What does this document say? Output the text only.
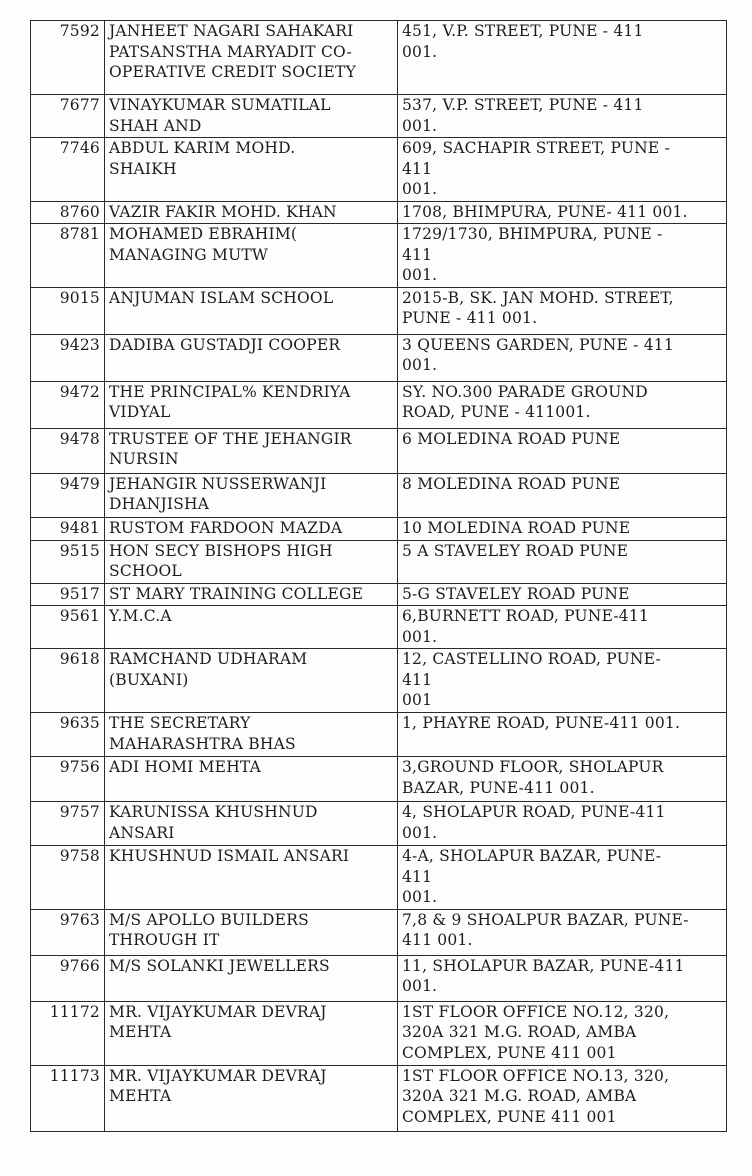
7592	JANHEET NAGARI SAHAKARI
PATSANSTHA MARYADIT CO-
OPERATIVE CREDIT SOCIETY	451, V.P. STREET, PUNE - 411
001.

7677	VINAYKUMAR SUMATILAL
SHAH AND	537, V.P. STREET, PUNE - 411
001.

7746	ABDUL KARIM MOHD.
SHAIKH	609, SACHAPIR STREET, PUNE -
411
001.

8760	VAZIR FAKIR MOHD. KHAN	1708, BHIMPURA, PUNE- 411 001.

8781	MOHAMED EBRAHIM(
MANAGING MUTW	1729/1730, BHIMPURA, PUNE -
411
001.

9015	ANJUMAN ISLAM SCHOOL	2015-B, SK. JAN MOHD. STREET,
PUNE - 411 001.

9423	DADIBA GUSTADJI COOPER	3 QUEENS GARDEN, PUNE - 411
001.

9472	THE PRINCIPAL% KENDRIYA
VIDYAL	SY. NO.300 PARADE GROUND
ROAD, PUNE - 411001.

9478	TRUSTEE OF THE JEHANGIR
NURSIN	6 MOLEDINA ROAD PUNE

9479	JEHANGIR NUSSERWANJI
DHANJISHA	8 MOLEDINA ROAD PUNE

9481	RUSTOM FARDOON MAZDA	10 MOLEDINA ROAD PUNE

9515	HON SECY BISHOPS HIGH
SCHOOL	5 A STAVELEY ROAD PUNE

9517	ST MARY TRAINING COLLEGE	5-G STAVELEY ROAD PUNE

9561	Y.M.C.A	6,BURNETT ROAD, PUNE-411
001.

9618	RAMCHAND UDHARAM
(BUXANI)	12, CASTELLINO ROAD, PUNE-
411
001

9635	THE SECRETARY
MAHARASHTRA BHAS	1, PHAYRE ROAD, PUNE-411 001.

9756	ADI HOMI MEHTA	3,GROUND FLOOR, SHOLAPUR
BAZAR, PUNE-411 001.

9757	KARUNISSA KHUSHNUD
ANSARI	4, SHOLAPUR ROAD, PUNE-411
001.

9758	KHUSHNUD ISMAIL ANSARI	4-A, SHOLAPUR BAZAR, PUNE-
411
001.

9763	M/S APOLLO BUILDERS
THROUGH IT	7,8 & 9 SHOALPUR BAZAR, PUNE-
411 001.

9766	M/S SOLANKI JEWELLERS	11, SHOLAPUR BAZAR, PUNE-411
001.

11172	MR. VIJAYKUMAR DEVRAJ
MEHTA	1ST FLOOR OFFICE NO.12, 320,
320A 321 M.G. ROAD, AMBA
COMPLEX, PUNE 411 001

11173	MR. VIJAYKUMAR DEVRAJ
MEHTA	1ST FLOOR OFFICE NO.13, 320,
320A 321 M.G. ROAD, AMBA
COMPLEX, PUNE 411 001
